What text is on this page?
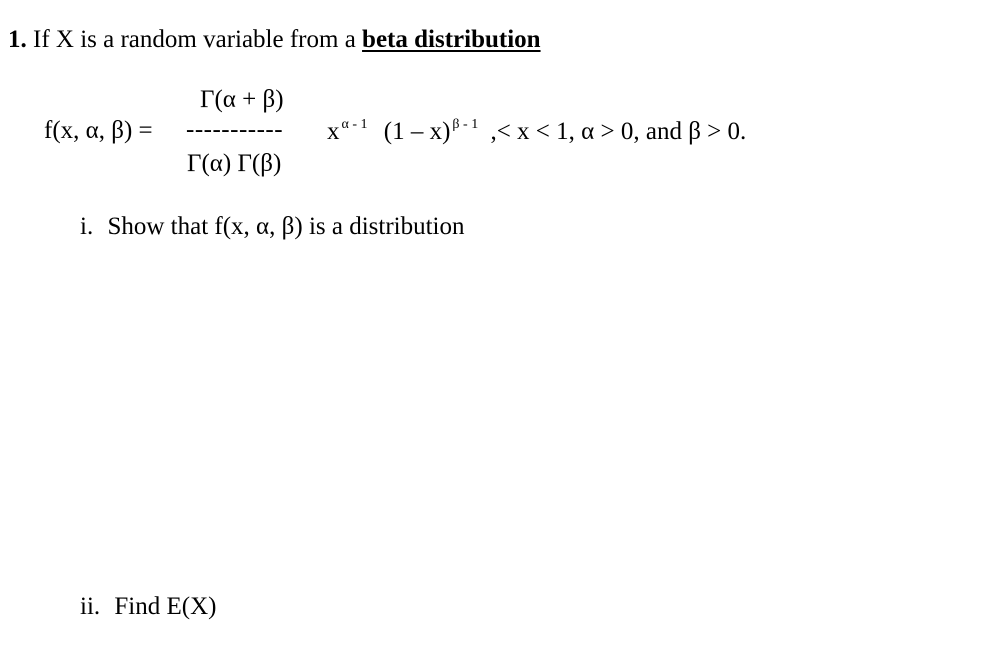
1. If X is a random variable from a beta distribution
Γ(α + β)
f(x, α, β) = ----------- x $^{\alpha - 1}$ (1 – x) $^{\beta - 1}$ ,< x < 1, α > 0, and β > 0.
Γ(α) Γ(β)
i. Show that f(x, α, β) is a distribution
ii. Find E(X)
